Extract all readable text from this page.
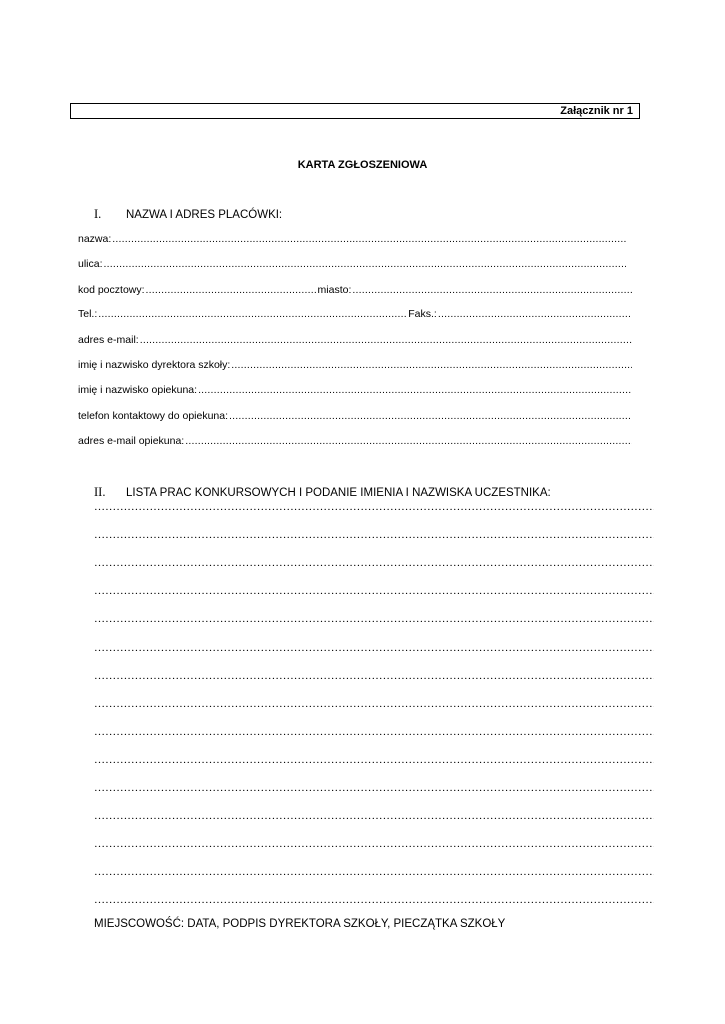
Załącznik nr 1
KARTA ZGŁOSZENIOWA
I. NAZWA I ADRES PLACÓWKI:
nazwa:
.....
ulica:
.....
kod pocztowy: .....	miasto:
.....
Tel.: .....	Faks.:
.....
adres e-mail:
.....
imię i nazwisko dyrektora szkoły:
.....
imię i nazwisko opiekuna:
.....
telefon kontaktowy do opiekuna:
.....
adres e-mail opiekuna:
.....
II. LISTA PRAC KONKURSOWYCH I PODANIE IMIENIA I NAZWISKA UCZESTNIKA:
……………………………………………………………………………………………………………………………………………………………………………………………………
……………………………………………………………………………………………………………………………………………………………………………………………………
……………………………………………………………………………………………………………………………………………………………………………………………………
……………………………………………………………………………………………………………………………………………………………………………………………………
……………………………………………………………………………………………………………………………………………………………………………………………………
……………………………………………………………………………………………………………………………………………………………………………………………………
……………………………………………………………………………………………………………………………………………………………………………………………………
……………………………………………………………………………………………………………………………………………………………………………………………………
……………………………………………………………………………………………………………………………………………………………………………………………………
……………………………………………………………………………………………………………………………………………………………………………………………………
……………………………………………………………………………………………………………………………………………………………………………………………………
……………………………………………………………………………………………………………………………………………………………………………………………………
……………………………………………………………………………………………………………………………………………………………………………………………………
……………………………………………………………………………………………………………………………………………………………………………………………………
……………………………………………………………………………………………………………………………………………………………………………………………………
MIEJSCOWOŚĆ: DATA, PODPIS DYREKTORA SZKOŁY, PIECZĄTKA SZKOŁY
